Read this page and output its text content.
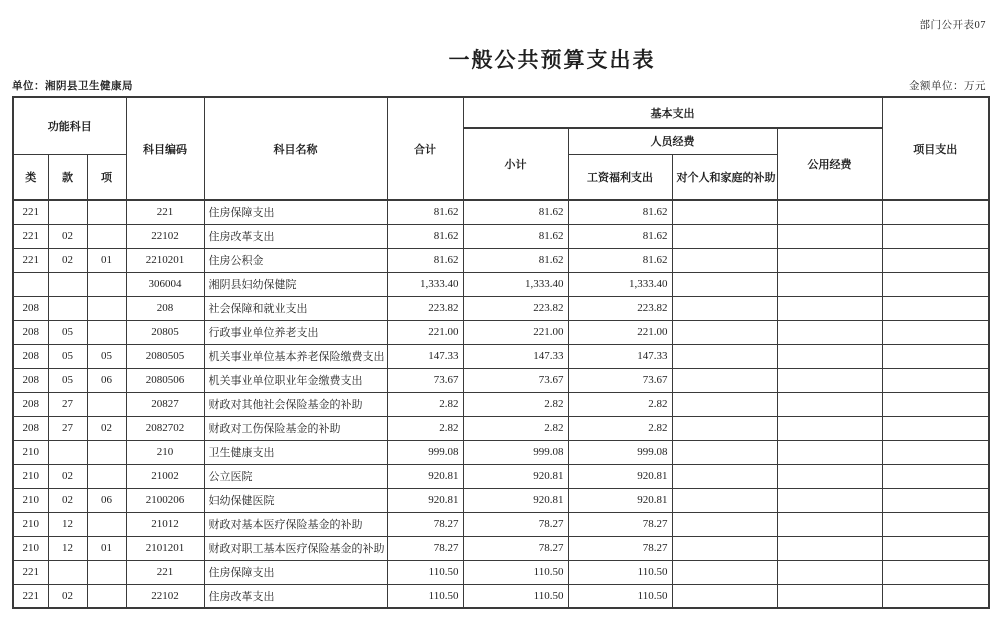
部门公开表07
一般公共预算支出表
单位：湘阴县卫生健康局	金额单位：万元
功能科目			科目编码	科目名称	合计	基本支出				项目支出
						小计	人员经费		公用经费	
类	款	项					工资福利支出	对个人和家庭的补助		
221			221	住房保障支出	81.62	81.62	81.62			
221	02		22102	住房改革支出	81.62	81.62	81.62			
221	02	01	2210201	住房公积金	81.62	81.62	81.62			
			306004	湘阴县妇幼保健院	1,333.40	1,333.40	1,333.40			
208			208	社会保障和就业支出	223.82	223.82	223.82			
208	05		20805	行政事业单位养老支出	221.00	221.00	221.00			
208	05	05	2080505	机关事业单位基本养老保险缴费支出	147.33	147.33	147.33			
208	05	06	2080506	机关事业单位职业年金缴费支出	73.67	73.67	73.67			
208	27		20827	财政对其他社会保险基金的补助	2.82	2.82	2.82			
208	27	02	2082702	财政对工伤保险基金的补助	2.82	2.82	2.82			
210			210	卫生健康支出	999.08	999.08	999.08			
210	02		21002	公立医院	920.81	920.81	920.81			
210	02	06	2100206	妇幼保健医院	920.81	920.81	920.81			
210	12		21012	财政对基本医疗保险基金的补助	78.27	78.27	78.27			
210	12	01	2101201	财政对职工基本医疗保险基金的补助	78.27	78.27	78.27			
221			221	住房保障支出	110.50	110.50	110.50			
221	02		22102	住房改革支出	110.50	110.50	110.50			
